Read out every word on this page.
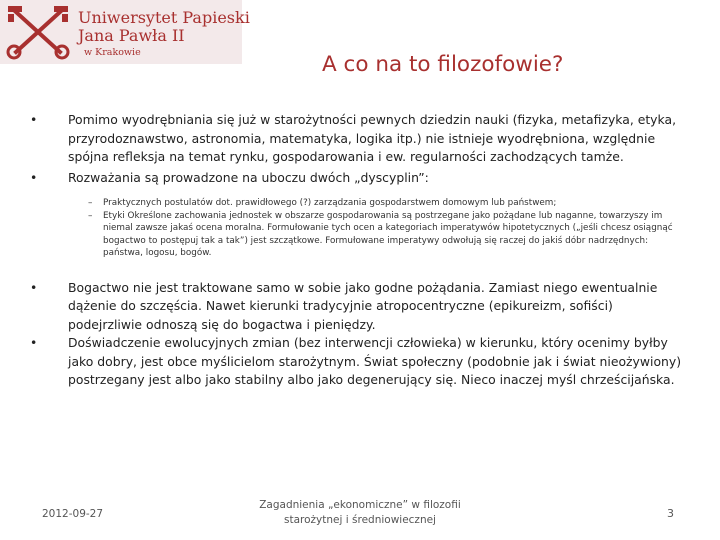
Uniwersytet Papieski
Jana Pawła II
w Krakowie	A co na to filozofowie?
• Pomimo wyodrębniania się już w starożytności pewnych dziedzin nauki (fizyka, metafizyka, etyka, przyrodoznawstwo, astronomia, matematyka, logika itp.) nie istnieje wyodrębniona, względnie spójna refleksja na temat rynku, gospodarowania i ew. regularności zachodzących tamże.
• Rozważania są prowadzone na uboczu dwóch „dyscyplin”:
– Praktycznych postulatów dot. prawidłowego (?) zarządzania gospodarstwem domowym lub państwem;
– Etyki Określone zachowania jednostek w obszarze gospodarowania są postrzegane jako pożądane lub naganne, towarzyszy im niemal zawsze jakaś ocena moralna. Formułowanie tych ocen a kategoriach imperatywów hipotetycznych („jeśli chcesz osiągnąć bogactwo to postępuj tak a tak”) jest szczątkowe. Formułowane imperatywy odwołują się raczej do jakiś dóbr nadrzędnych: państwa, logosu, bogów.
• Bogactwo nie jest traktowane samo w sobie jako godne pożądania. Zamiast niego ewentualnie dążenie do szczęścia. Nawet kierunki tradycyjnie atropocentryczne (epikureizm, sofiści) podejrzliwie odnoszą się do bogactwa i pieniędzy.
• Doświadczenie ewolucyjnych zmian (bez interwencji człowieka) w kierunku, który ocenimy byłby jako dobry, jest obce myślicielom starożytnym. Świat społeczny (podobnie jak i świat nieożywiony) postrzegany jest albo jako stabilny albo jako degenerujący się. Nieco inaczej myśl chrześcijańska.
2012-09-27
Zagadnienia „ekonomiczne” w filozofii
starożytnej i średniowiecznej	3
